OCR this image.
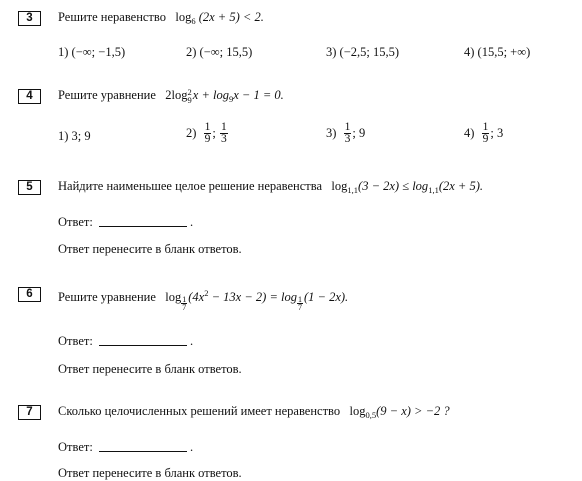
3	Решите неравенство $\log_6 (2x + 5) < 2$.
1) (−∞; −1,5)	2) (−∞; 15,5)	3) (−2,5; 15,5)	4) (15,5; +∞)
4	Решите уравнение 2log 2
9 $x + \log_9x - 1 = 0$.
1) 3; 9	$2) \frac{1}{9}$ ; $\frac{1}{3}$	$3) \frac{1}{3}$ ; 9	$4) \frac{1}{9}$ ; 3
5	Найдите наименьшее целое решение неравенства $\log_{1,1}(3 - 2x) \le \log_{1,1}(2x + 5)$.
Ответ:	.
Ответ перенесите в бланк ответов.
6	Решите уравнение $\log \frac{1}{7} (4x^2 - 13x - 2) = \log \frac{1}{7} (1 - 2x)$.
Ответ:	.
Ответ перенесите в бланк ответов.
7	Сколько целочисленных решений имеет неравенство $\log_{0,5}(9 - x) > -2$ ?
Ответ:	.
Ответ перенесите в бланк ответов.
